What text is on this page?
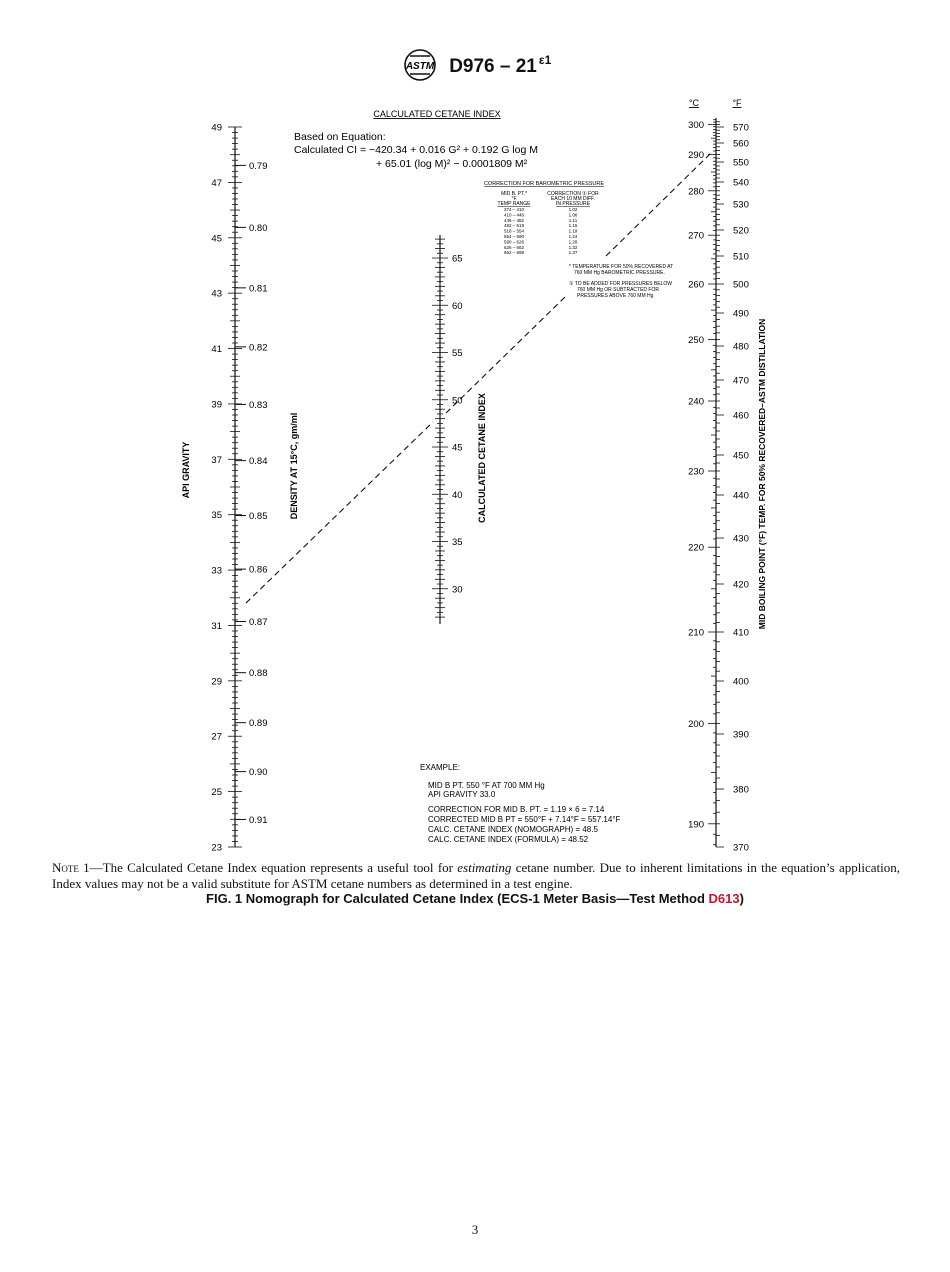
ASTM D976 – 21 $^{\varepsilon 1}$
49
47
45
43
41
39
37
35
33
31
29
27
25
23
0.79
0.80
0.81
0.82
0.83
0.84
0.85
0.86
0.87
0.88
0.89
0.90
0.91
65
60
55
50
45
40
35
30
570
560
550
540
530
520
510
500
490
480
470
460
450
440
430
420
410
400
390
380
370
300
290
280
270
260
250
240
230
220
210
200
190
CALCULATED CETANE INDEX
Based on Equation:
Calculated CI = −420.34 + 0.016 G² + 0.192 G log M
+ 65.01 (log M)² − 0.0001809 M²
API GRAVITY	DENSITY AT 15°C, gm/ml	CALCULATED CETANE INDEX	MID BOILING POINT (°F) TEMP. FOR 50% RECOVERED–ASTM DISTILLATION
°C	°F
CORRECTION FOR BAROMETRIC PRESSURE
MID B. PT.*
°F
TEMP RANGE
CORRECTION ① FOR
EACH 10 MM DIFF.
IN PRESSURE
374 – 410	1.02
410 – 446	1.06
446 – 482	1.11
482 – 518	1.15
518 – 554	1.19
554 – 590	1.24
590 – 626	1.28
626 – 662	1.32
662 – 698	1.37
* TEMPERATURE FOR 50% RECOVERED AT
760 MM Hg BAROMETRIC PRESSURE.
① TO BE ADDED FOR PRESSURES BELOW
760 MM Hg OR SUBTRACTED FOR
PRESSURES ABOVE 760 MM Hg
EXAMPLE:
MID B PT. 550 °F AT 700 MM Hg
API GRAVITY 33.0
CORRECTION FOR MID B. PT. = 1.19 × 6 = 7.14
CORRECTED MID B PT = 550°F + 7.14°F = 557.14°F
CALC. CETANE INDEX (NOMOGRAPH) = 48.5
CALC. CETANE INDEX (FORMULA) = 48.52
Note 1—The Calculated Cetane Index equation represents a useful tool for estimating cetane number. Due to inherent limitations in the equation’s application, Index values may not be a valid substitute for ASTM cetane numbers as determined in a test engine.
FIG. 1 Nomograph for Calculated Cetane Index (ECS-1 Meter Basis—Test Method D613)
3
